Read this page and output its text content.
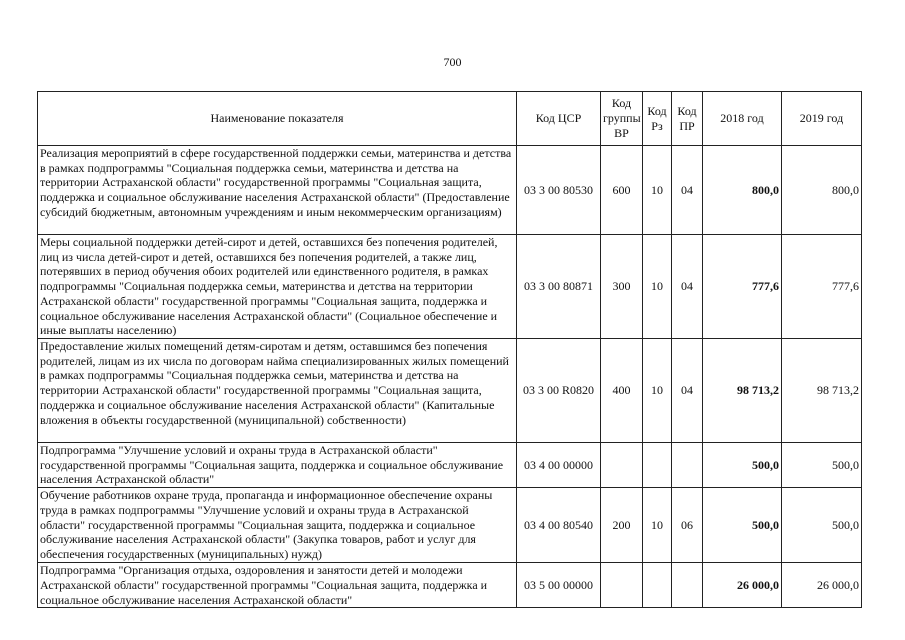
700
Наименование показателя	Код ЦСР	Код группы ВР	Код Рз	Код ПР	2018 год	2019 год
Реализация мероприятий в сфере государственной поддержки семьи, материнства и детства в рамках подпрограммы "Социальная поддержка семьи, материнства и детства на территории Астраханской области" государственной программы "Социальная защита, поддержка и социальное обслуживание населения Астраханской области" (Предоставление субсидий бюджетным, автономным учреждениям и иным некоммерческим организациям)	03 3 00 80530	600	10	04	800,0	800,0
Меры социальной поддержки детей-сирот и детей, оставшихся без попечения родителей, лиц из числа детей-сирот и детей, оставшихся без попечения родителей, а также лиц, потерявших в период обучения обоих родителей или единственного родителя, в рамках подпрограммы "Социальная поддержка семьи, материнства и детства на территории Астраханской области" государственной программы "Социальная защита, поддержка и социальное обслуживание населения Астраханской области" (Социальное обеспечение и иные выплаты населению)	03 3 00 80871	300	10	04	777,6	777,6
Предоставление жилых помещений детям-сиротам и детям, оставшимся без попечения родителей, лицам из их числа по договорам найма специализированных жилых помещений в рамках подпрограммы "Социальная поддержка семьи, материнства и детства на территории Астраханской области" государственной программы "Социальная защита, поддержка и социальное обслуживание населения Астраханской области" (Капитальные вложения в объекты государственной (муниципальной) собственности)	03 3 00 R0820	400	10	04	98 713,2	98 713,2
Подпрограмма "Улучшение условий и охраны труда в Астраханской области" государственной программы "Социальная защита, поддержка и социальное обслуживание населения Астраханской области"	03 4 00 00000				500,0	500,0
Обучение работников охране труда, пропаганда и информационное обеспечение охраны труда в рамках подпрограммы "Улучшение условий и охраны труда в Астраханской области" государственной программы "Социальная защита, поддержка и социальное обслуживание населения Астраханской области" (Закупка товаров, работ и услуг для обеспечения государственных (муниципальных) нужд)	03 4 00 80540	200	10	06	500,0	500,0
Подпрограмма "Организация отдыха, оздоровления и занятости детей и молодежи Астраханской области" государственной программы "Социальная защита, поддержка и социальное обслуживание населения Астраханской области"	03 5 00 00000				26 000,0	26 000,0
